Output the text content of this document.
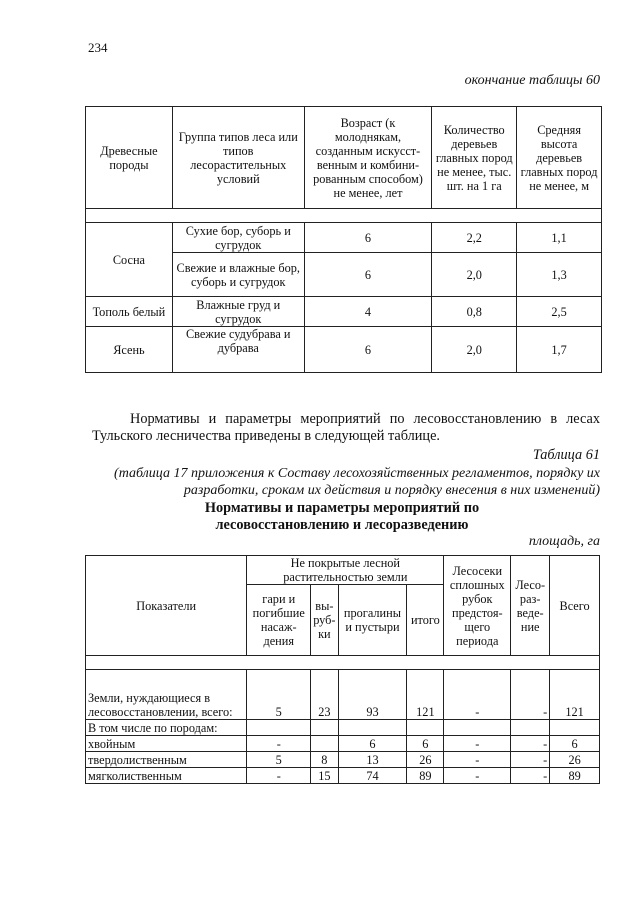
234
окончание таблицы 60
Древесные породы	Группа типов леса или типов лесорастительных условий	Возраст (к молоднякам, созданным искусст-венным и комбини-рованным способом) не менее, лет	Количество деревьев главных пород не менее, тыс. шт. на 1 га	Средняя высота деревьев главных пород не менее, м

Сосна	Сухие бор, суборь и сугрудок	6	2,2	1,1
	Свежие и влажные бор, суборь и сугрудок	6	2,0	1,3
Тополь белый	Влажные груд и сугрудок	4	0,8	2,5
Ясень	Свежие судубрава и дубрава	6	2,0	1,7
Нормативы и параметры мероприятий по лесовосстановлению в лесах Тульского лесничества приведены в следующей таблице.
Таблица 61
(таблица 17 приложения к Составу лесохозяйственных регламентов, порядку их разработки, срокам их действия и порядку внесения в них изменений)
Нормативы и параметры мероприятий по
лесовосстановлению и лесоразведению
площадь, га
Показатели	Не покрытые лесной растительностью земли				Лесосеки сплошных рубок предстоя-щего периода	Лесо-раз-веде-ние	Всего
	гари и погибшие насаж-дения	вы-руб-ки	прогалины и пустыри	итого			

Земли, нуждающиеся в лесовосстановлении, всего:	5	23	93	121	-	-	121
В том числе по породам:							
хвойным	-		6	6	-	-	6
твердолиственным	5	8	13	26	-	-	26
мягколиственным	-	15	74	89	-	-	89
